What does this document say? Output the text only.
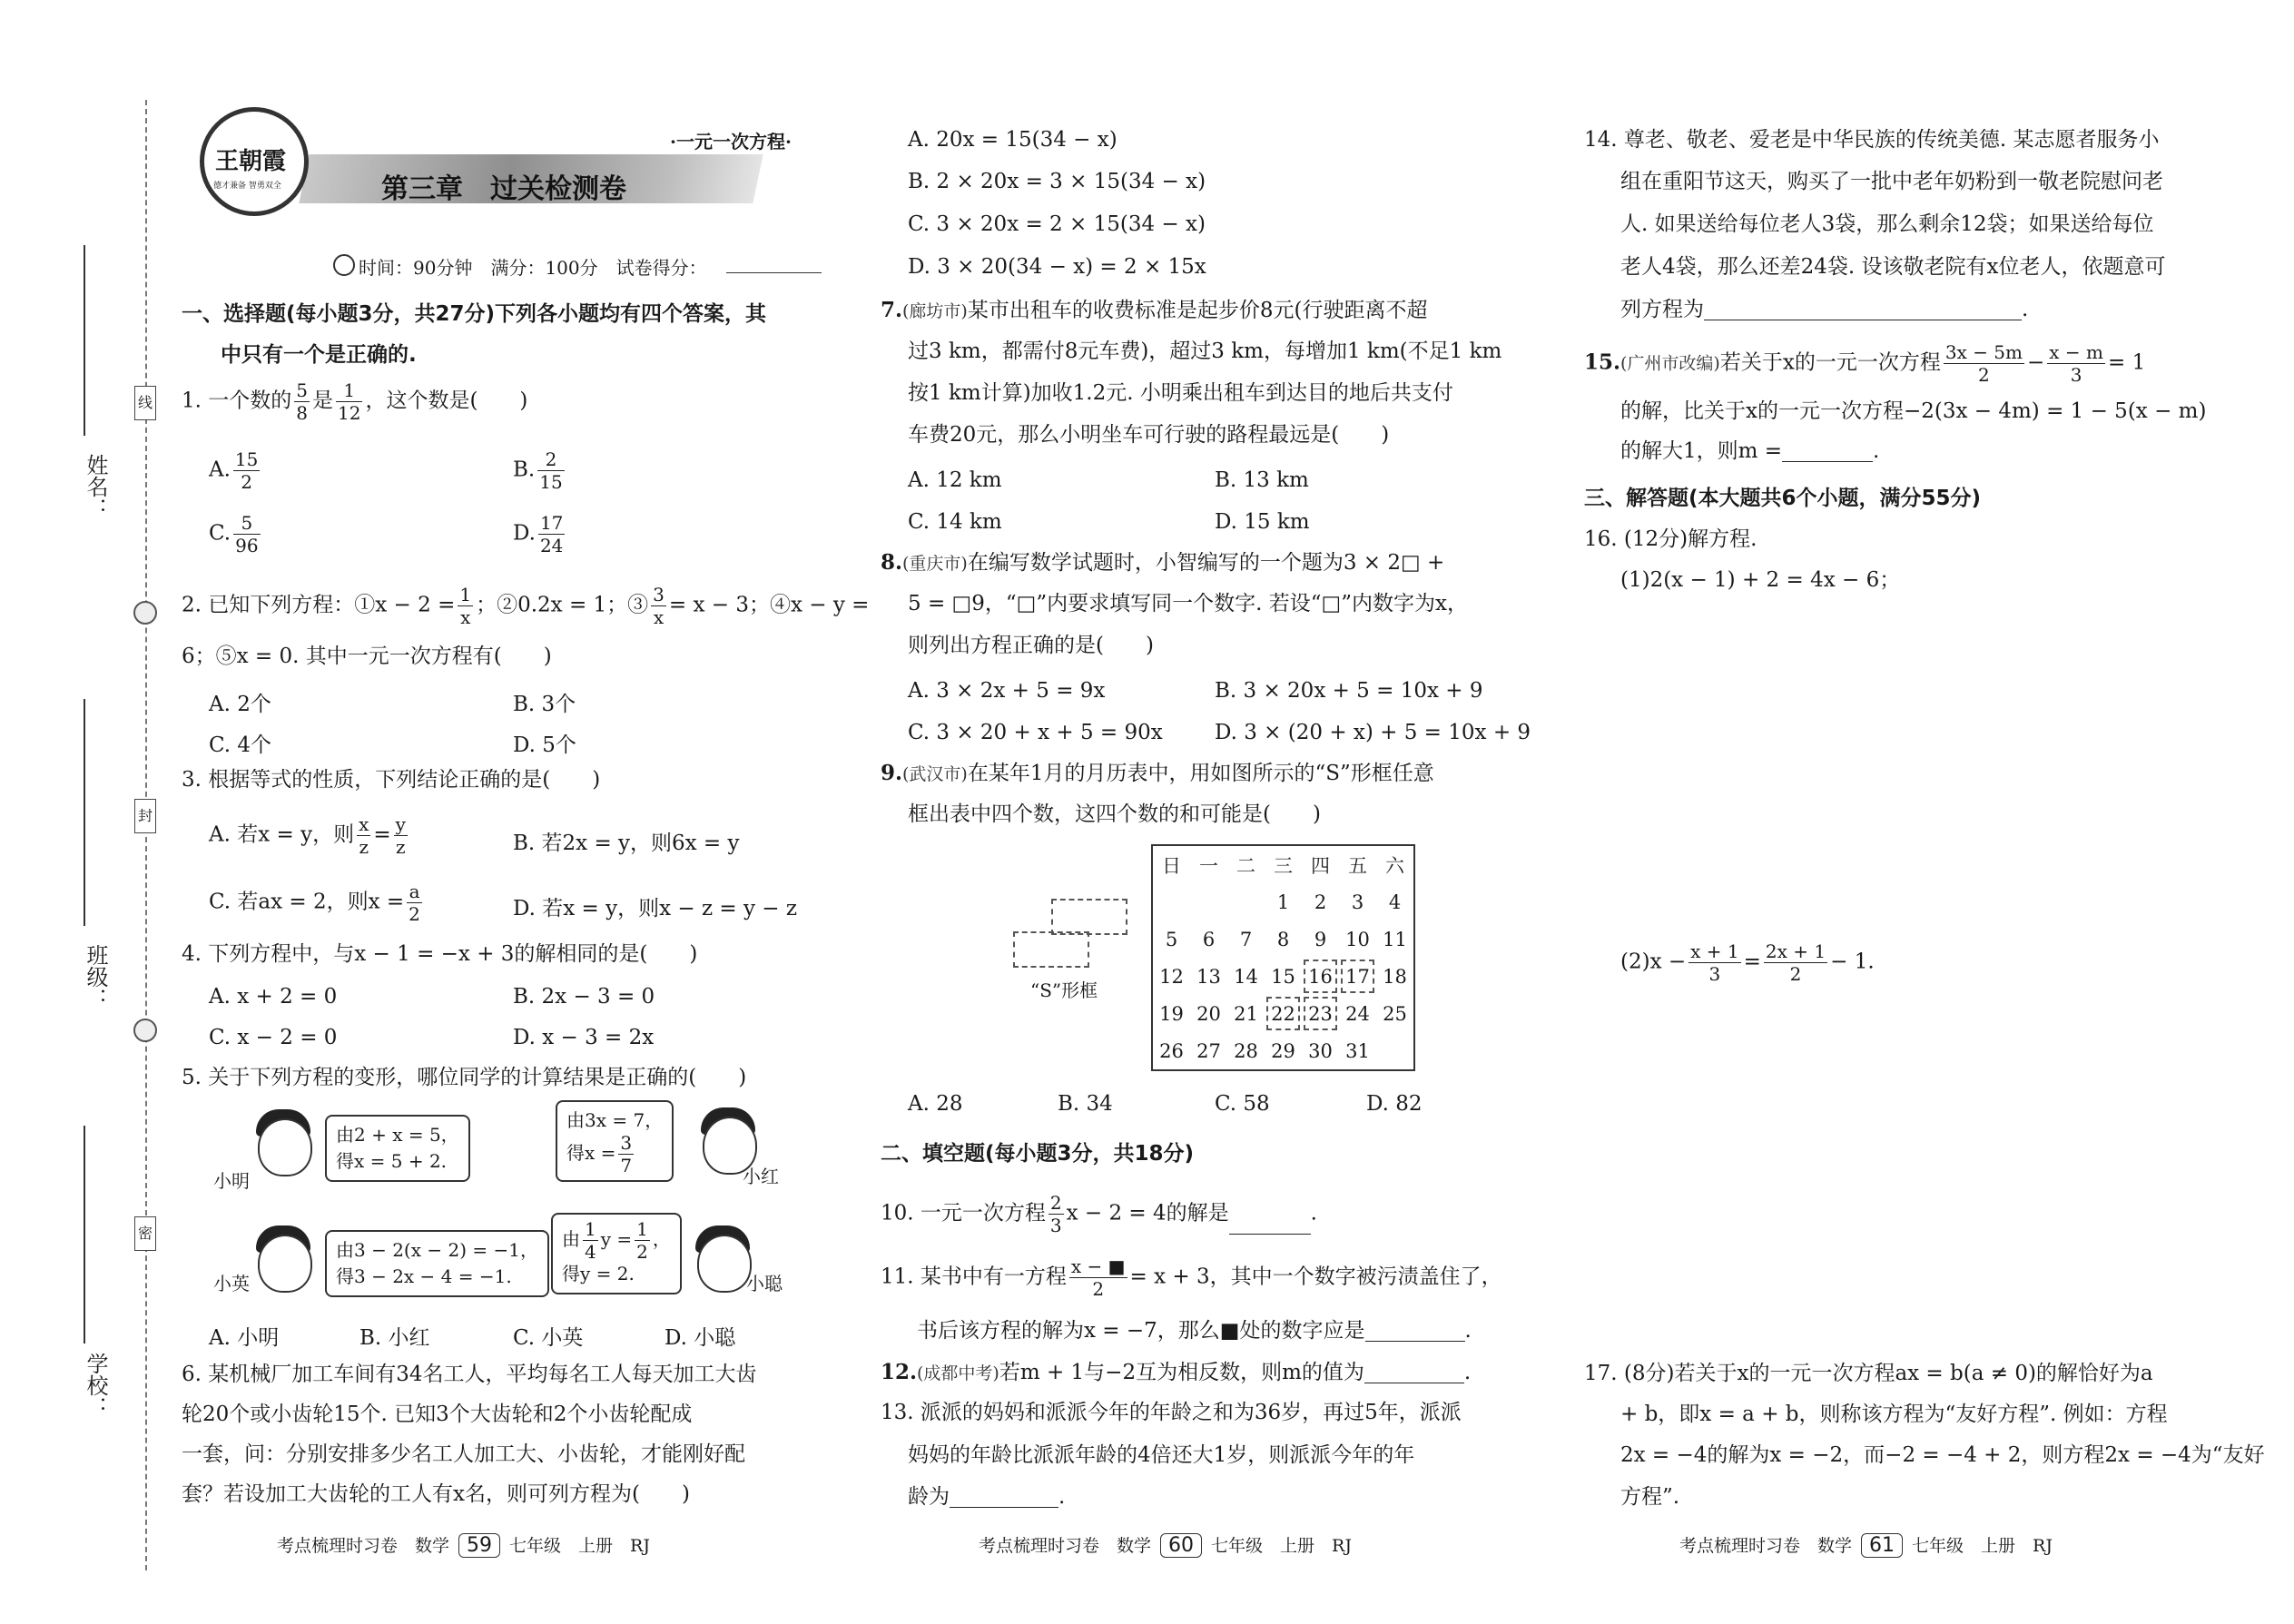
姓名：
班级：
学校：
线
封
密
王朝霞
德才兼备 智勇双全
·一元一次方程·
第三章　过关检测卷
时间：90分钟　满分：100分　试卷得分：
一、选择题(每小题3分，共27分)下列各小题均有四个答案，其
中只有一个是正确的.
1. 一个数的 $\frac{5}{8}$ 是 $\frac{1}{12}$ ，这个数是(　　)
A. $\frac{15}{2}$	B. $\frac{2}{15}$
C. $\frac{5}{96}$	D. $\frac{17}{24}$
2. 已知下列方程：①x − $2 = \frac{1}{x}$ ；②0.2x = 1；③ $\frac{3}{x} = x - 3$；④x − y =
6；⑤x = 0. 其中一元一次方程有(　　)
A. 2个	B. 3个
C. 4个	D. 5个
3. 根据等式的性质，下列结论正确的是(　　)
A. 若x = y，则 $\frac{x}{z} = \frac{y}{z}$	B. 若2x = y，则6x = y
C. 若ax = 2，则$x = \frac{a}{2}$	D. 若x = y，则x − z = y − z
4. 下列方程中，与x − 1 = −x + 3的解相同的是(　　)
A. x + 2 = 0	B. 2x − 3 = 0
C. x − 2 = 0	D. x − 3 = 2x
5. 关于下列方程的变形，哪位同学的计算结果是正确的(　　)
小明
由2 + x = 5，
得x = 5 + 2.
由3x = 7，
得$x = \frac{3}{7}$
小红
小英
由3 − 2(x − 2) = −1，
得3 − 2x − 4 = −1.
由 $\frac{1}{4}$ $y = \frac{1}{2}$ ，
得y = 2.	小聪
A. 小明	B. 小红	C. 小英	D. 小聪
6. 某机械厂加工车间有34名工人，平均每名工人每天加工大齿
轮20个或小齿轮15个. 已知3个大齿轮和2个小齿轮配成
一套，问：分别安排多少名工人加工大、小齿轮，才能刚好配
套？若设加工大齿轮的工人有x名，则可列方程为(　　)
考点梳理时习卷　数学 59 七年级　上册　RJ
A. 20x = 15(34 − x)
B. 2 × 20x = 3 × 15(34 − x)
C. 3 × 20x = 2 × 15(34 − x)
D. 3 × 20(34 − x) = 2 × 15x
7.(廊坊市)某市出租车的收费标准是起步价8元(行驶距离不超
过3 km，都需付8元车费)，超过3 km，每增加1 km(不足1 km
按1 km计算)加收1.2元. 小明乘出租车到达目的地后共支付
车费20元，那么小明坐车可行驶的路程最远是(　　)
A. 12 km	B. 13 km
C. 14 km	D. 15 km
8.(重庆市)在编写数学试题时，小智编写的一个题为3 × 2□ +
5 = □9，“□”内要求填写同一个数字. 若设“□”内数字为x，
则列出方程正确的是(　　)
A. 3 × 2x + 5 = 9x	B. 3 × 20x + 5 = 10x + 9
C. 3 × 20 + x + 5 = 90x D. 3 × (20 + x) + 5 = 10x + 9
9.(武汉市)在某年1月的月历表中，用如图所示的“S”形框任意
框出表中四个数，这四个数的和可能是(　　)
“S”形框
日	一	二	三	四	五	六
			1	2	3	4
5	6	7	8	9	10	11
12	13	14	15	16	17	18
19	20	21	22	23	24	25
26	27	28	29	30	31	
A. 28	B. 34	C. 58	D. 82
二、填空题(每小题3分，共18分)
10. 一元一次方程 $\frac{2}{3}$ x − 2 = 4的解是	.
11. 某书中有一方程 $\frac{x - ■}{2} = x + 3$，其中一个数字被污渍盖住了，
书后该方程的解为x = −7，那么■处的数字应是	.
12.(成都中考)若m + 1与−2互为相反数，则m的值为	.
13. 派派的妈妈和派派今年的年龄之和为36岁，再过5年，派派
妈妈的年龄比派派年龄的4倍还大1岁，则派派今年的年
龄为	.
考点梳理时习卷　数学 60 七年级　上册　RJ
14. 尊老、敬老、爱老是中华民族的传统美德. 某志愿者服务小
组在重阳节这天，购买了一批中老年奶粉到一敬老院慰问老
人. 如果送给每位老人3袋，那么剩余12袋；如果送给每位
老人4袋，那么还差24袋. 设该敬老院有x位老人，依题意可
列方程为	.
15.(广州市改编)若关于x的一元一次方程 $\frac{3x - 5m}{2} - \frac{x - m}{3} = 1$
的解，比关于x的一元一次方程−2(3x − 4m) = 1 − 5(x − m)
的解大1，则m =	.
三、解答题(本大题共6个小题，满分55分)
16. (12分)解方程.
(1)2(x − 1) + 2 = 4x − 6；
$(2)x - \frac{x + 1}{3} = \frac{2x + 1}{2} - 1$.
17. (8分)若关于x的一元一次方程ax = b(a ≠ 0)的解恰好为a
+ b，即x = a + b，则称该方程为“友好方程”. 例如：方程
2x = −4的解为x = −2，而−2 = −4 + 2，则方程2x = −4为“友好
方程”.
考点梳理时习卷　数学 61 七年级　上册　RJ
